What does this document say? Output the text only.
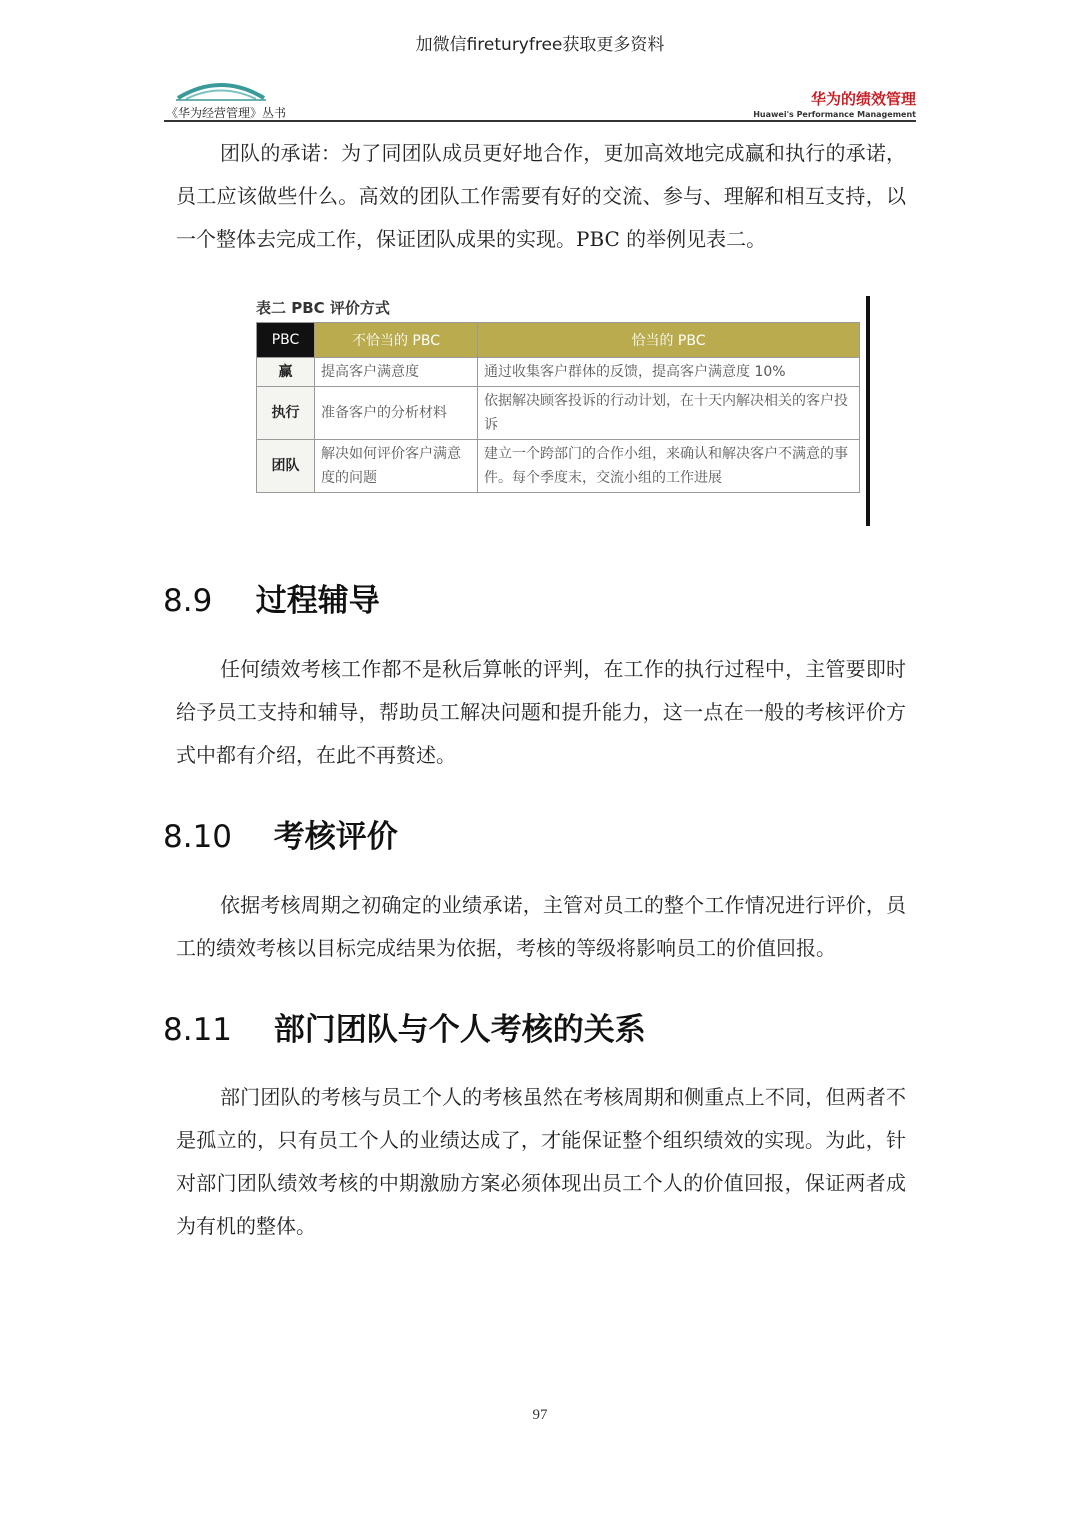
加微信fireturyfree获取更多资料
《华为经营管理》丛书
华为的绩效管理
Huawei's Performance Management
团队的承诺：为了同团队成员更好地合作，更加高效地完成赢和执行的承诺，员工应该做些什么。高效的团队工作需要有好的交流、参与、理解和相互支持，以一个整体去完成工作，保证团队成果的实现。PBC 的举例见表二。
表二 PBC 评价方式
PBC	不恰当的 PBC	恰当的 PBC
赢	提高客户满意度	通过收集客户群体的反馈，提高客户满意度 10%
执行	准备客户的分析材料	依据解决顾客投诉的行动计划，在十天内解决相关的客户投诉
团队	解决如何评价客户满意度的问题	建立一个跨部门的合作小组，来确认和解决客户不满意的事件。每个季度末，交流小组的工作进展
8.9 过程辅导
任何绩效考核工作都不是秋后算帐的评判，在工作的执行过程中，主管要即时给予员工支持和辅导，帮助员工解决问题和提升能力，这一点在一般的考核评价方式中都有介绍，在此不再赘述。
8.10 考核评价
依据考核周期之初确定的业绩承诺，主管对员工的整个工作情况进行评价，员工的绩效考核以目标完成结果为依据，考核的等级将影响员工的价值回报。
8.11 部门团队与个人考核的关系
部门团队的考核与员工个人的考核虽然在考核周期和侧重点上不同，但两者不是孤立的，只有员工个人的业绩达成了，才能保证整个组织绩效的实现。为此，针对部门团队绩效考核的中期激励方案必须体现出员工个人的价值回报，保证两者成为有机的整体。
97
